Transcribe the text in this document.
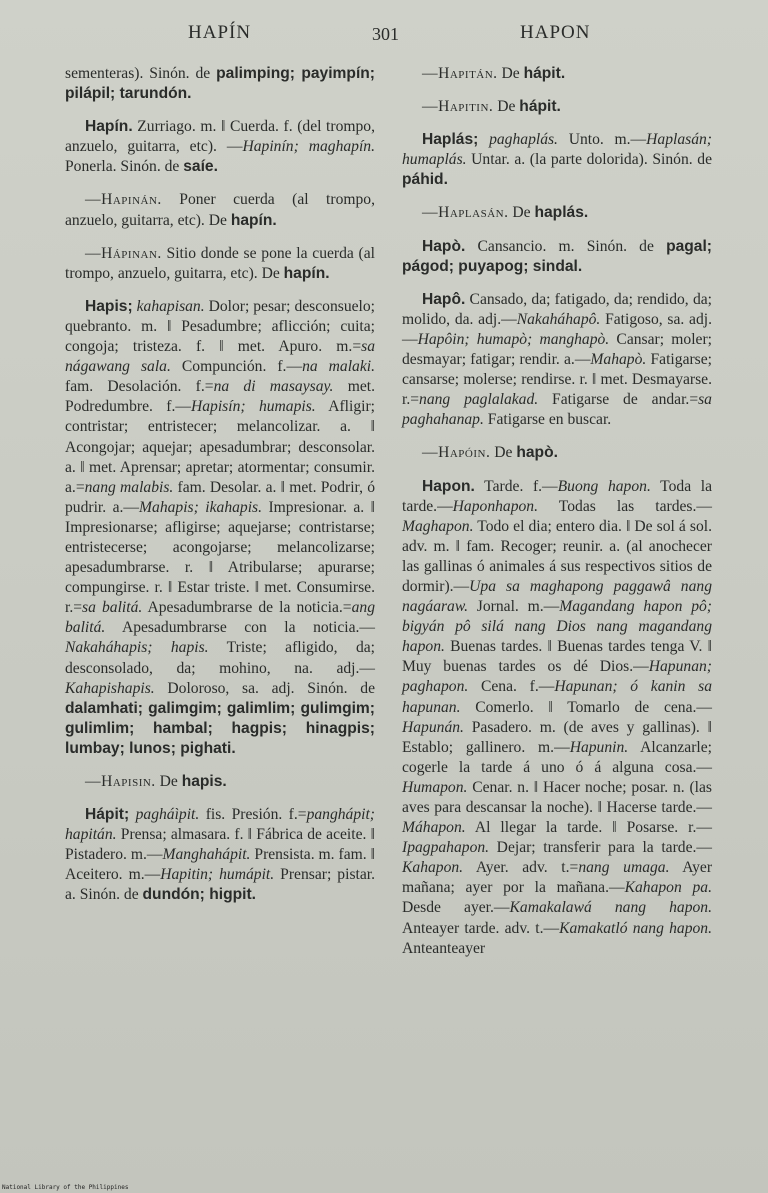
HAPÍN	301	HAPON

sementeras). Sinón. de palimping; payimpín; pilápil; tarundón.

Hapín. Zurriago. m. ‖ Cuerda. f. (del trompo, anzuelo, guitarra, etc). —Hapinín; maghapín. Ponerla. Sinón. de saíe.

—Hapinán. Poner cuerda (al trompo, anzuelo, guitarra, etc). De hapín.

—Hápinan. Sitio donde se pone la cuerda (al trompo, anzuelo, guitarra, etc). De hapín.

Hapis; kahapisan. Dolor; pesar; desconsuelo; quebranto. m. ‖ Pesadumbre; aflicción; cuita; congoja; tristeza. f. ‖ met. Apuro. m.=sa nágawang sala. Compunción. f.—na malaki. fam. Desolación. f.=na di masaysay. met. Podredumbre. f.—Hapisín; humapis. Afligir; contristar; entristecer; melancolizar. a. ‖ Acongojar; aquejar; apesadumbrar; desconsolar. a. ‖ met. Aprensar; apretar; atormentar; consumir. a.=nang malabis. fam. Desolar. a. ‖ met. Podrir, ó pudrir. a.—Mahapis; ikahapis. Impresionar. a. ‖ Impresionarse; afligirse; aquejarse; contristarse; entristecerse; acongojarse; melancolizarse; apesadumbrarse. r. ‖ Atribularse; apurarse; compungirse. r. ‖ Estar triste. ‖ met. Consumirse. r.=sa balitá. Apesadumbrarse de la noticia.=ang balitá. Apesadumbrarse con la noticia.—Nakaháhapis; hapis. Triste; afligido, da; desconsolado, da; mohino, na. adj.—Kahapishapis. Doloroso, sa. adj. Sinón. de dalamhati; galimgim; galimlim; gulimgim; gulimlim; hambal; hagpis; hinagpis; lumbay; lunos; pighati.

—Hapisin. De hapis.

Hápit; pagháìpit. fis. Presión. f.=panghápit; hapitán. Prensa; almasara. f. ‖ Fábrica de aceite. ‖ Pistadero. m.—Manghahápit. Prensista. m. fam. ‖ Aceitero. m.—Hapitin; humápit. Prensar; pistar. a. Sinón. de dundón; higpit.

—Hapitán. De hápit.

—Hapitin. De hápit.

Haplás; paghaplás. Unto. m.—Haplasán; humaplás. Untar. a. (la parte dolorida). Sinón. de páhid.

—Haplasán. De haplás.

Hapò. Cansancio. m. Sinón. de pagal; págod; puyapog; sindal.

Hapô. Cansado, da; fatigado, da; rendido, da; molido, da. adj.—Nakaháhapô. Fatigoso, sa. adj.—Hapôin; humapò; manghapò. Cansar; moler; desmayar; fatigar; rendir. a.—Mahapò. Fatigarse; cansarse; molerse; rendirse. r. ‖ met. Desmayarse. r.=nang paglalakad. Fatigarse de andar.=sa paghahanap. Fatigarse en buscar.

—Hapóin. De hapò.

Hapon. Tarde. f.—Buong hapon. Toda la tarde.—Haponhapon. Todas las tardes.—Maghapon. Todo el dia; entero dia. ‖ De sol á sol. adv. m. ‖ fam. Recoger; reunir. a. (al anochecer las gallinas ó animales á sus respectivos sitios de dormir).—Upa sa maghapong paggawâ nang nagáaraw. Jornal. m.—Magandang hapon pô; bigyán pô silá nang Dios nang magandang hapon. Buenas tardes. ‖ Buenas tardes tenga V. ‖ Muy buenas tardes os dé Dios.—Hapunan; paghapon. Cena. f.—Hapunan; ó kanin sa hapunan. Comerlo. ‖ Tomarlo de cena.—Hapunán. Pasadero. m. (de aves y gallinas). ‖ Establo; gallinero. m.—Hapunin. Alcanzarle; cogerle la tarde á uno ó á alguna cosa.—Humapon. Cenar. n. ‖ Hacer noche; posar. n. (las aves para descansar la noche). ‖ Hacerse tarde.—Máhapon. Al llegar la tarde. ‖ Posarse. r.—Ipagpahapon. Dejar; transferir para la tarde.—Kahapon. Ayer. adv. t.=nang umaga. Ayer mañana; ayer por la mañana.—Kahapon pa. Desde ayer.—Kamakalawá nang hapon. Anteayer tarde. adv. t.—Kamakatló nang hapon. Anteanteayer

National Library of the Philippines
